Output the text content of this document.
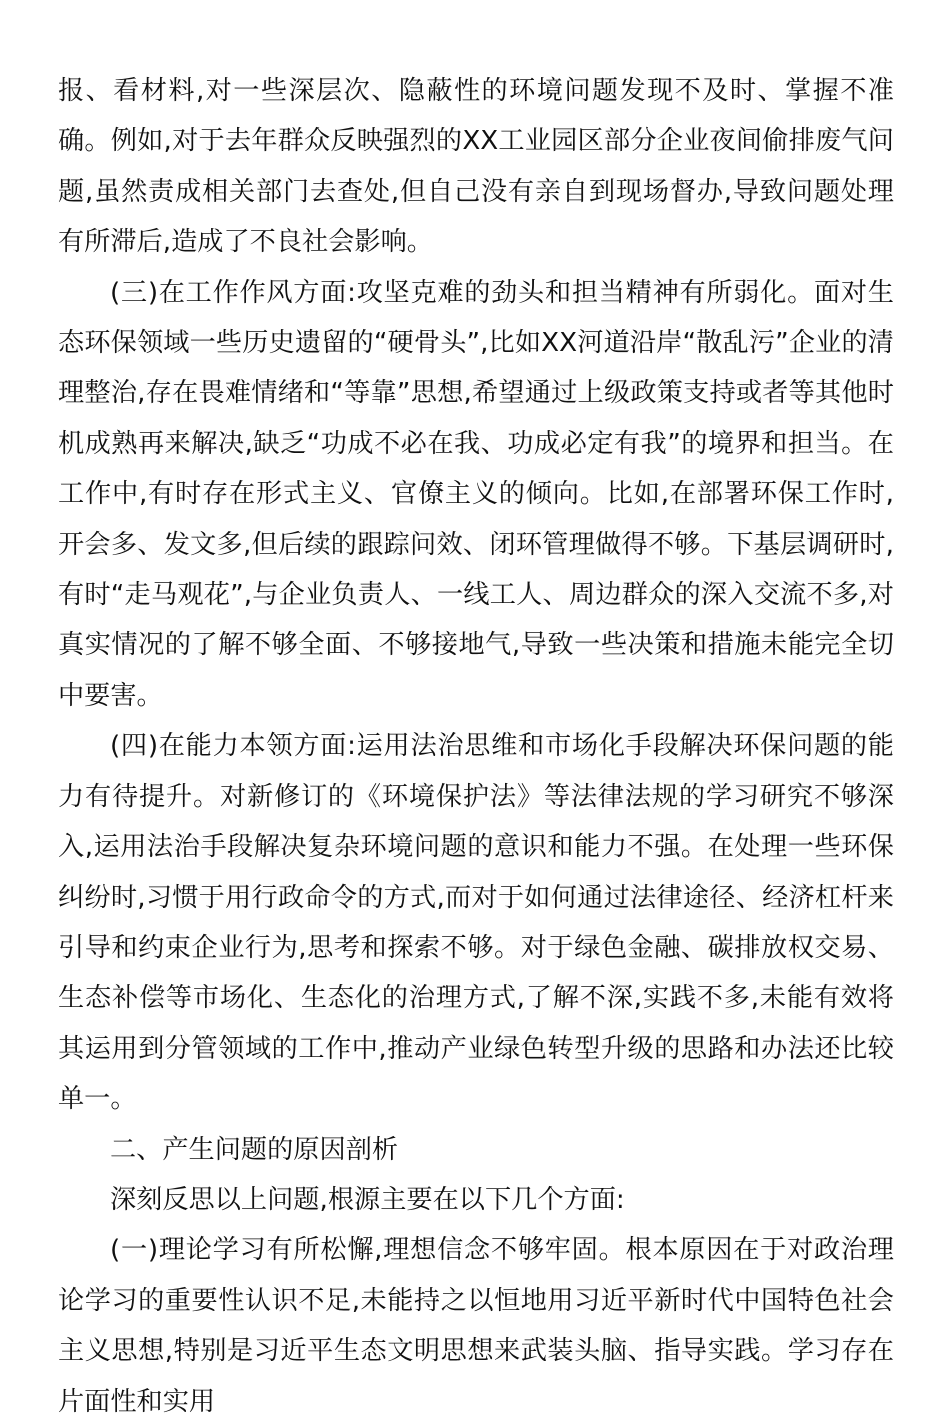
报、看材料,对一些深层次、隐蔽性的环境问题发现不及时、掌握不准确。例如,对于去年群众反映强烈的XX工业园区部分企业夜间偷排废气问题,虽然责成相关部门去查处,但自己没有亲自到现场督办,导致问题处理有所滞后,造成了不良社会影响。

(三)在工作作风方面:攻坚克难的劲头和担当精神有所弱化。面对生态环保领域一些历史遗留的“硬骨头”,比如XX河道沿岸“散乱污”企业的清理整治,存在畏难情绪和“等靠”思想,希望通过上级政策支持或者等其他时机成熟再来解决,缺乏“功成不必在我、功成必定有我”的境界和担当。在工作中,有时存在形式主义、官僚主义的倾向。比如,在部署环保工作时,开会多、发文多,但后续的跟踪问效、闭环管理做得不够。下基层调研时,有时“走马观花”,与企业负责人、一线工人、周边群众的深入交流不多,对真实情况的了解不够全面、不够接地气,导致一些决策和措施未能完全切中要害。

(四)在能力本领方面:运用法治思维和市场化手段解决环保问题的能力有待提升。对新修订的《环境保护法》等法律法规的学习研究不够深入,运用法治手段解决复杂环境问题的意识和能力不强。在处理一些环保纠纷时,习惯于用行政命令的方式,而对于如何通过法律途径、经济杠杆来引导和约束企业行为,思考和探索不够。对于绿色金融、碳排放权交易、生态补偿等市场化、生态化的治理方式,了解不深,实践不多,未能有效将其运用到分管领域的工作中,推动产业绿色转型升级的思路和办法还比较单一。

二、产生问题的原因剖析

深刻反思以上问题,根源主要在以下几个方面:

(一)理论学习有所松懈,理想信念不够牢固。根本原因在于对政治理论学习的重要性认识不足,未能持之以恒地用习近平新时代中国特色社会主义思想,特别是习近平生态文明思想来武装头脑、指导实践。学习存在片面性和实用
